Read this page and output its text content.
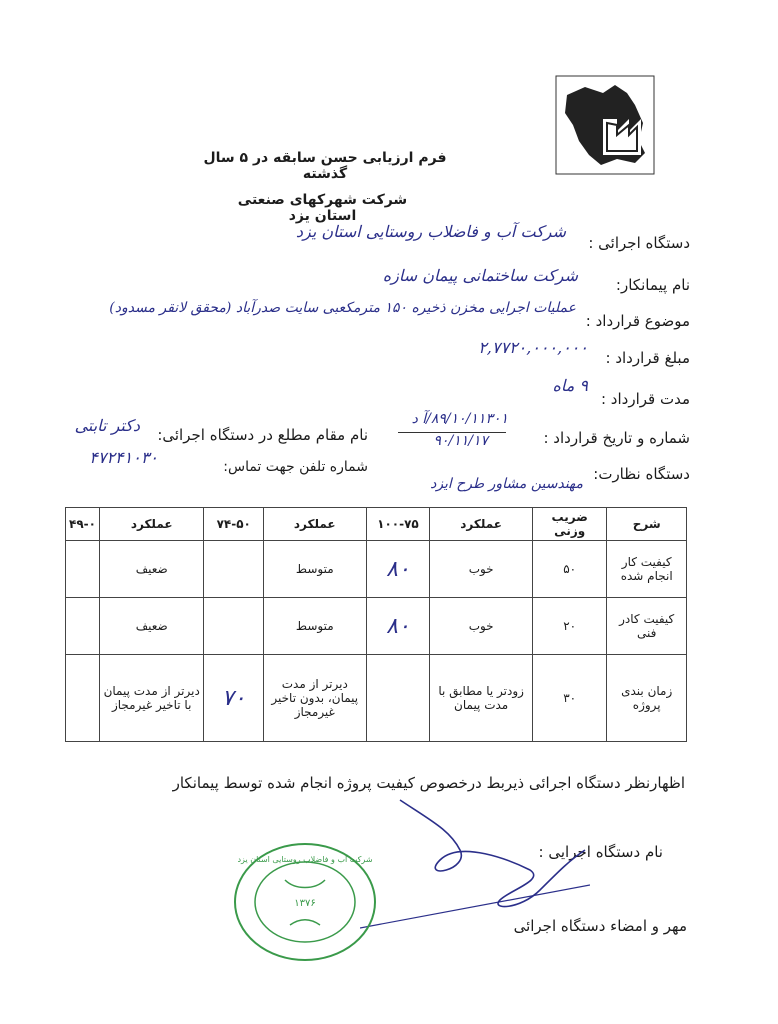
فرم ارزیابی حسن سابقه در ۵ سال گذشته
شرکت شهرکهای صنعتی استان یزد
دستگاه اجرائی :
شرکت آب و فاضلاب روستایی استان یزد
نام پیمانکار:
شرکت ساختمانی پیمان سازه
موضوع قرارداد :
عملیات اجرایی مخزن ذخیره ۱۵۰ مترمکعبی سایت صدرآباد (محقق لانقر مسدود)
مبلغ قرارداد :
۲,۷۷۲۰,۰۰۰,۰۰۰
مدت قرارداد :
۹ ماه
شماره و تاریخ قرارداد :
۸۹/۱۰/۱۱۳۰۱/آ د
۹۰/۱۱/۱۷
نام مقام مطلع در دستگاه اجرائی:
دکتر تابتی
۴۷۲۴۱۰۳۰
دستگاه نظارت:
مهندسین مشاور طرح ایزد
شماره تلفن جهت تماس:
شرح	ضریب وزنی	عملکرد	۱۰۰-۷۵	عملکرد	۷۴-۵۰	عملکرد	۴۹-۰
کیفیت کار انجام شده	۵۰	خوب	۸۰	متوسط		ضعیف	
کیفیت کادر فنی	۲۰	خوب	۸۰	متوسط		ضعیف	
زمان بندی پروژه	۳۰	زودتر یا مطابق با مدت پیمان		دیرتر از مدت پیمان، بدون تاخیر غیرمجاز	۷۰	دیرتر از مدت پیمان با تاخیر غیرمجاز	
اظهارنظر دستگاه اجرائی ذیربط درخصوص کیفیت پروژه انجام شده توسط پیمانکار
نام دستگاه اجرایی :
مهر و امضاء دستگاه اجرائی
شرکت آب و فاضلاب روستایی استان یزد
۱۳۷۶
